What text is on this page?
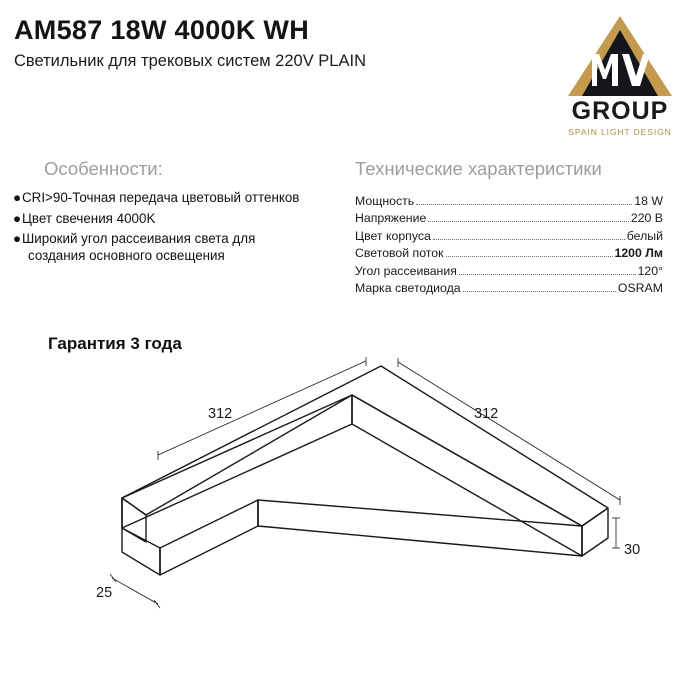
AM587 18W 4000K WH

Светильник для трековых систем 220V PLAIN

GROUP
SPAIN LIGHT DESIGN
Особенности:	Технические характеристики
● CRI>90-Точная передача цветовый оттенков
● Цвет свечения 4000K
● Широкий угол рассеивания света для
создания основного освещения
Мощность	18 W
Напряжение	220 В
Цвет корпуса	белый
Световой поток	1200 Лм
Угол рассеивания	120°
Марка светодиода	OSRAM
Гарантия 3 года
312	312
30
25
